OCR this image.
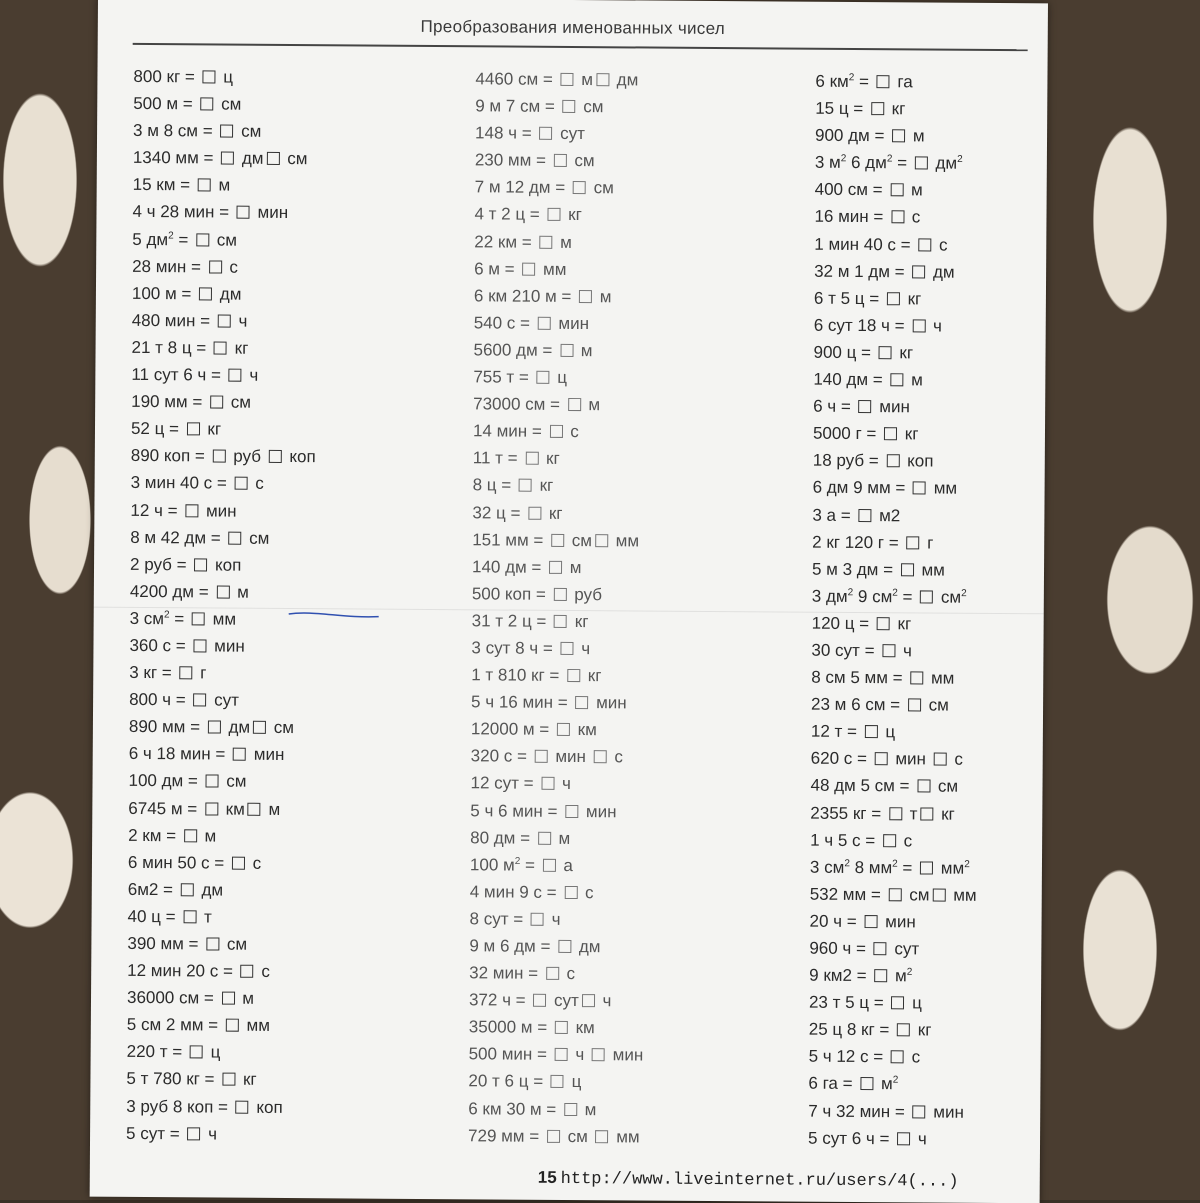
Преобразования именованных чисел
800 кг =  ц
500 м =  см
3 м 8 см =  см
1340 мм =  дм см
15 км =  м
4 ч 28 мин =  мин
5 $дм^2$ =  см
28 мин =  с
100 м =  дм
480 мин =  ч
21 т 8 ц =  кг
11 сут 6 ч =  ч
190 мм =  см
52 ц =  кг
890 коп =  руб  коп
3 мин 40 с =  с
12 ч =  мин
8 м 42 дм =  см
2 руб =  коп
4200 дм =  м
3 $см^2$ =  мм
360 с =  мин
3 кг =  г
800 ч =  сут
890 мм =  дм см
6 ч 18 мин =  мин
100 дм =  см
6745 м =  км м
2 км =  м
6 мин 50 с =  с
6м2 =  дм
40 ц =  т
390 мм =  см
12 мин 20 с =  с
36000 см =  м
5 см 2 мм =  мм
220 т =  ц
5 т 780 кг =  кг
3 руб 8 коп =  коп
5 сут =  ч
4460 см =  м дм
9 м 7 см =  см
148 ч =  сут
230 мм =  см
7 м 12 дм =  см
4 т 2 ц =  кг
22 км =  м
6 м =  мм
6 км 210 м =  м
540 с =  мин
5600 дм =  м
755 т =  ц
73000 см =  м
14 мин =  с
11 т =  кг
8 ц =  кг
32 ц =  кг
151 мм =  см мм
140 дм =  м
500 коп =  руб
31 т 2 ц =  кг
3 сут 8 ч =  ч
1 т 810 кг =  кг
5 ч 16 мин =  мин
12000 м =  км
320 с =  мин  с
12 сут =  ч
5 ч 6 мин =  мин
80 дм =  м
100 $м^2 = а$
4 мин 9 с =  с
8 сут =  ч
9 м 6 дм =  дм
32 мин =  с
372 ч =  сут ч
35000 м =  км
500 мин =  ч  мин
20 т 6 ц =  ц
6 км 30 м =  м
729 мм =  см  мм
6 $км^2$ =  га
15 ц =  кг
900 дм =  м
3 $м^2$ 6 $дм^2 = дм^2$
400 см =  м
16 мин =  с
1 мин 40 с =  с
32 м 1 дм =  дм
6 т 5 ц =  кг
6 сут 18 ч =  ч
900 ц =  кг
140 дм =  м
6 ч =  мин
5000 г =  кг
18 руб =  коп
6 дм 9 мм =  мм
3 а =  м2
2 кг 120 г =  г
5 м 3 дм =  мм
3 $дм^2$ 9 $см^2 = см^2$
120 ц =  кг
30 сут =  ч
8 см 5 мм =  мм
23 м 6 см =  см
12 т =  ц
620 с =  мин  с
48 дм 5 см =  см
2355 кг =  т кг
1 ч 5 с =  с
3 $см^2$ 8 $мм^2 = мм^2$
532 мм =  см мм
20 ч =  мин
960 ч =  сут
9 $км2 = м^2$
23 т 5 ц =  ц
25 ц 8 кг =  кг
5 ч 12 с =  с
6 га =  $м^2$
7 ч 32 мин =  мин
5 сут 6 ч =  ч
15 http://www.liveinternet.ru/users/4(...)
